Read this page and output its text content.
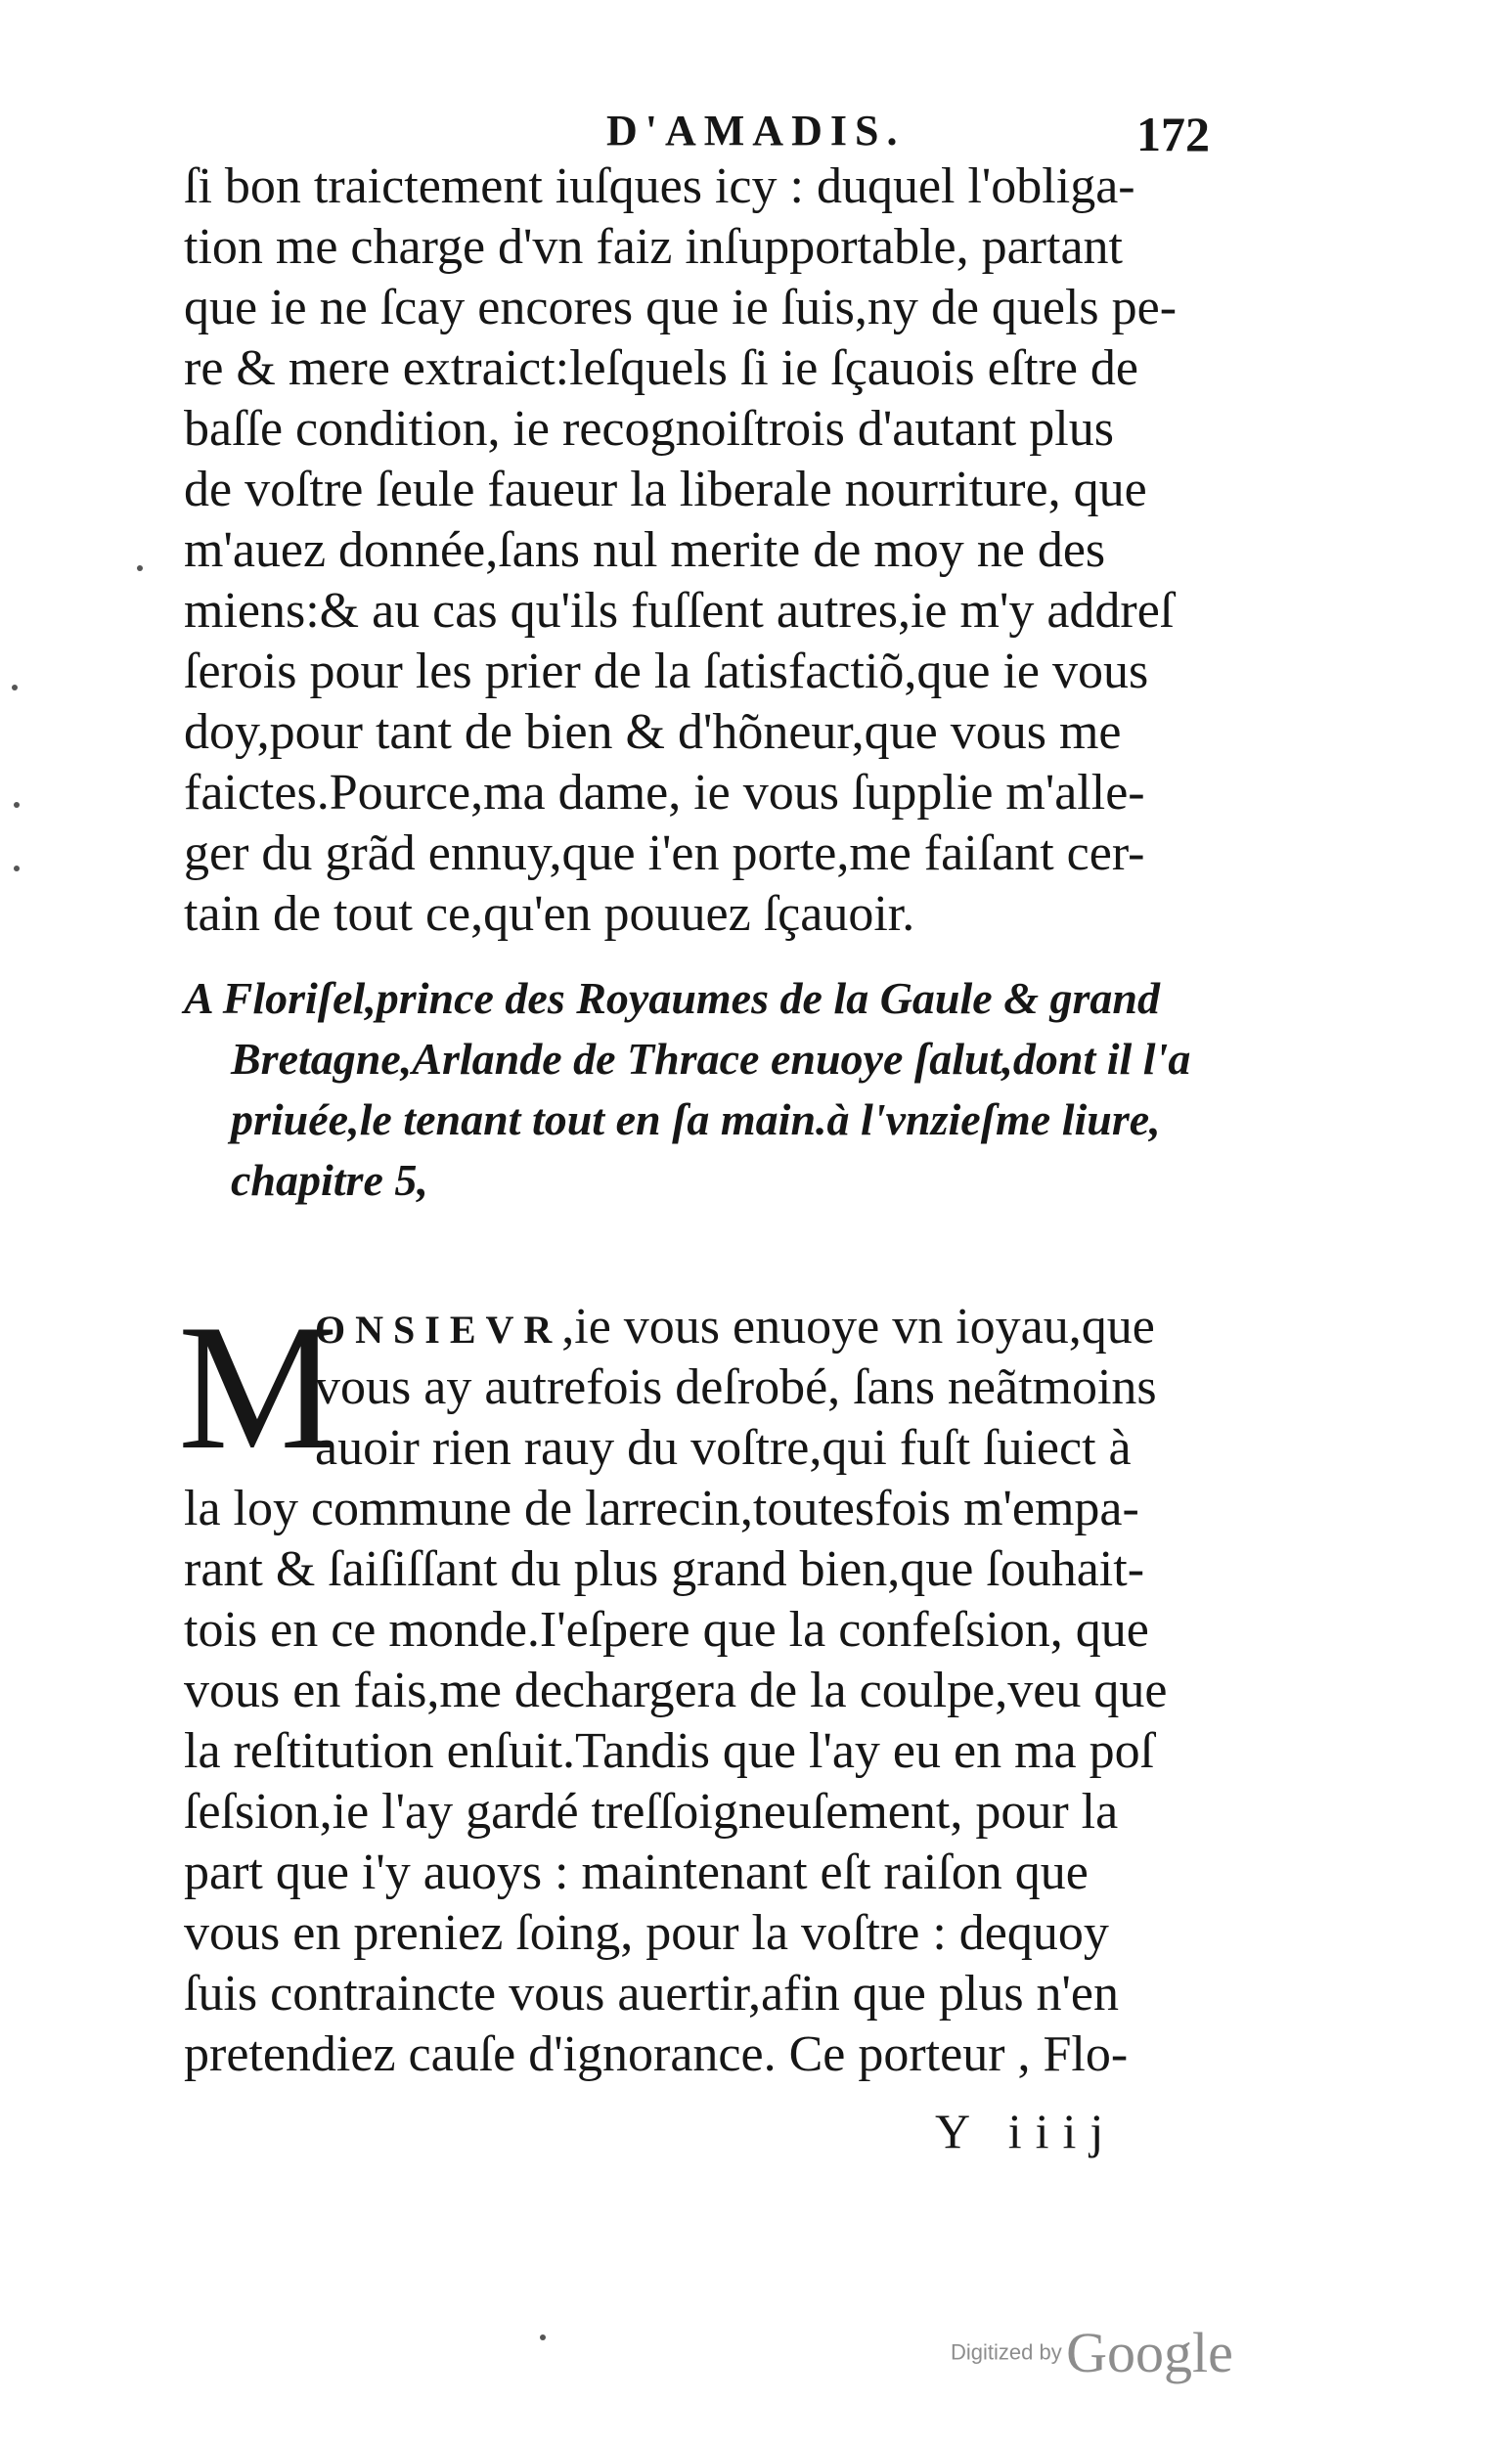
D'AMADIS.	172
ſi bon traictement iuſques icy : duquel l'obliga-
tion me charge d'vn faiz inſupportable, partant
que ie ne ſcay encores que ie ſuis,ny de quels pe-
re & mere extraict:leſquels ſi ie ſçauois eſtre de
baſſe condition, ie recognoiſtrois d'autant plus
de voſtre ſeule faueur la liberale nourriture, que
m'auez donnée,ſans nul merite de moy ne des
miens:& au cas qu'ils fuſſent autres,ie m'y addreſ
ſerois pour les prier de la ſatisfactiõ,que ie vous
doy,pour tant de bien & d'hõneur,que vous me
faictes.Pource,ma dame, ie vous ſupplie m'alle-
ger du grãd ennuy,que i'en porte,me faiſant cer-
tain de tout ce,qu'en pouuez ſçauoir.
A Floriſel,prince des Royaumes de la Gaule & grand
Bretagne,Arlande de Thrace enuoye ſalut,dont il l'a
priuée,le tenant tout en ſa main.à l'vnzieſme liure,
chapitre 5,
M
ONSIEVR,ie vous enuoye vn ioyau,que
vous ay autrefois deſrobé, ſans neãtmoins
auoir rien rauy du voſtre,qui fuſt ſuiect à
la loy commune de larrecin,toutesfois m'empa-
rant & ſaiſiſſant du plus grand bien,que ſouhait-
tois en ce monde.I'eſpere que la confeſsion, que
vous en fais,me dechargera de la coulpe,veu que
la reſtitution enſuit.Tandis que l'ay eu en ma poſ
ſeſsion,ie l'ay gardé treſſoigneuſement, pour la
part que i'y auoys : maintenant eſt raiſon que
vous en preniez ſoing, pour la voſtre : dequoy
ſuis contraincte vous auertir,afin que plus n'en
pretendiez cauſe d'ignorance. Ce porteur , Flo-
Y iiij
Digitized by Google
